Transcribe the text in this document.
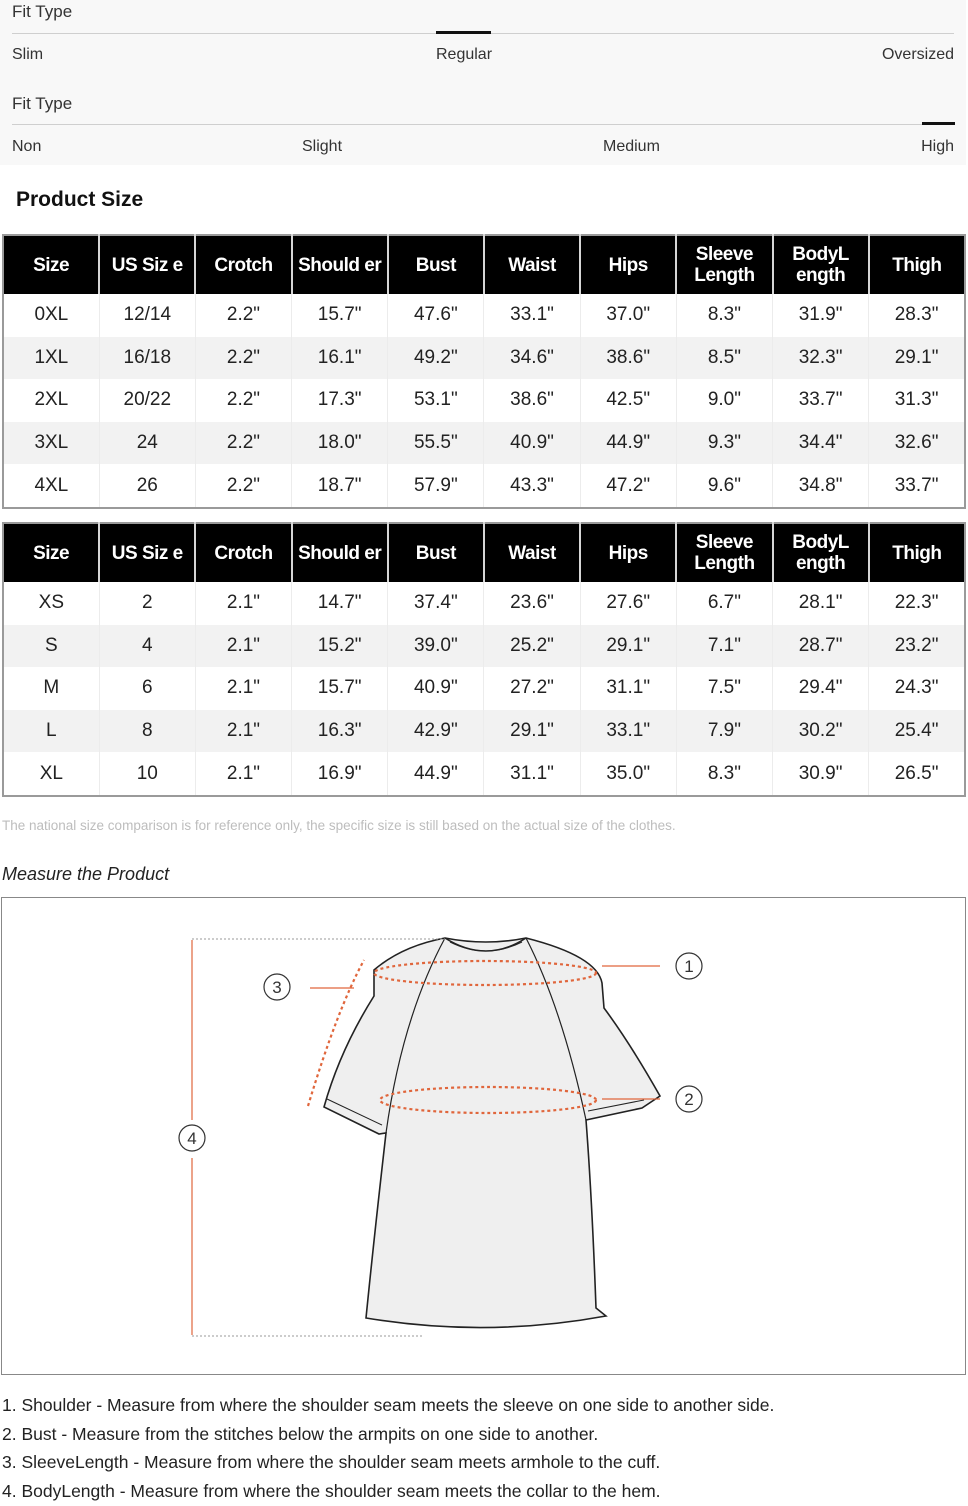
Fit Type
Slim	Regular	Oversized
Fit Type
Non	Slight	Medium	High
Product Size
Size	US Siz e	Crotch	Should er	Bust	Waist	Hips	Sleeve Length	BodyL ength	Thigh
0XL	12/14	2.2"	15.7"	47.6"	33.1"	37.0"	8.3"	31.9"	28.3"
1XL	16/18	2.2"	16.1"	49.2"	34.6"	38.6"	8.5"	32.3"	29.1"
2XL	20/22	2.2"	17.3"	53.1"	38.6"	42.5"	9.0"	33.7"	31.3"
3XL	24	2.2"	18.0"	55.5"	40.9"	44.9"	9.3"	34.4"	32.6"
4XL	26	2.2"	18.7"	57.9"	43.3"	47.2"	9.6"	34.8"	33.7"
Size	US Siz e	Crotch	Should er	Bust	Waist	Hips	Sleeve Length	BodyL ength	Thigh
XS	2	2.1"	14.7"	37.4"	23.6"	27.6"	6.7"	28.1"	22.3"
S	4	2.1"	15.2"	39.0"	25.2"	29.1"	7.1"	28.7"	23.2"
M	6	2.1"	15.7"	40.9"	27.2"	31.1"	7.5"	29.4"	24.3"
L	8	2.1"	16.3"	42.9"	29.1"	33.1"	7.9"	30.2"	25.4"
XL	10	2.1"	16.9"	44.9"	31.1"	35.0"	8.3"	30.9"	26.5"
The national size comparison is for reference only, the specific size is still based on the actual size of the clothes.
Measure the Product
1
2
3
4
1. Shoulder - Measure from where the shoulder seam meets the sleeve on one side to another side.
2. Bust - Measure from the stitches below the armpits on one side to another.
3. SleeveLength - Measure from where the shoulder seam meets armhole to the cuff.
4. BodyLength - Measure from where the shoulder seam meets the collar to the hem.
